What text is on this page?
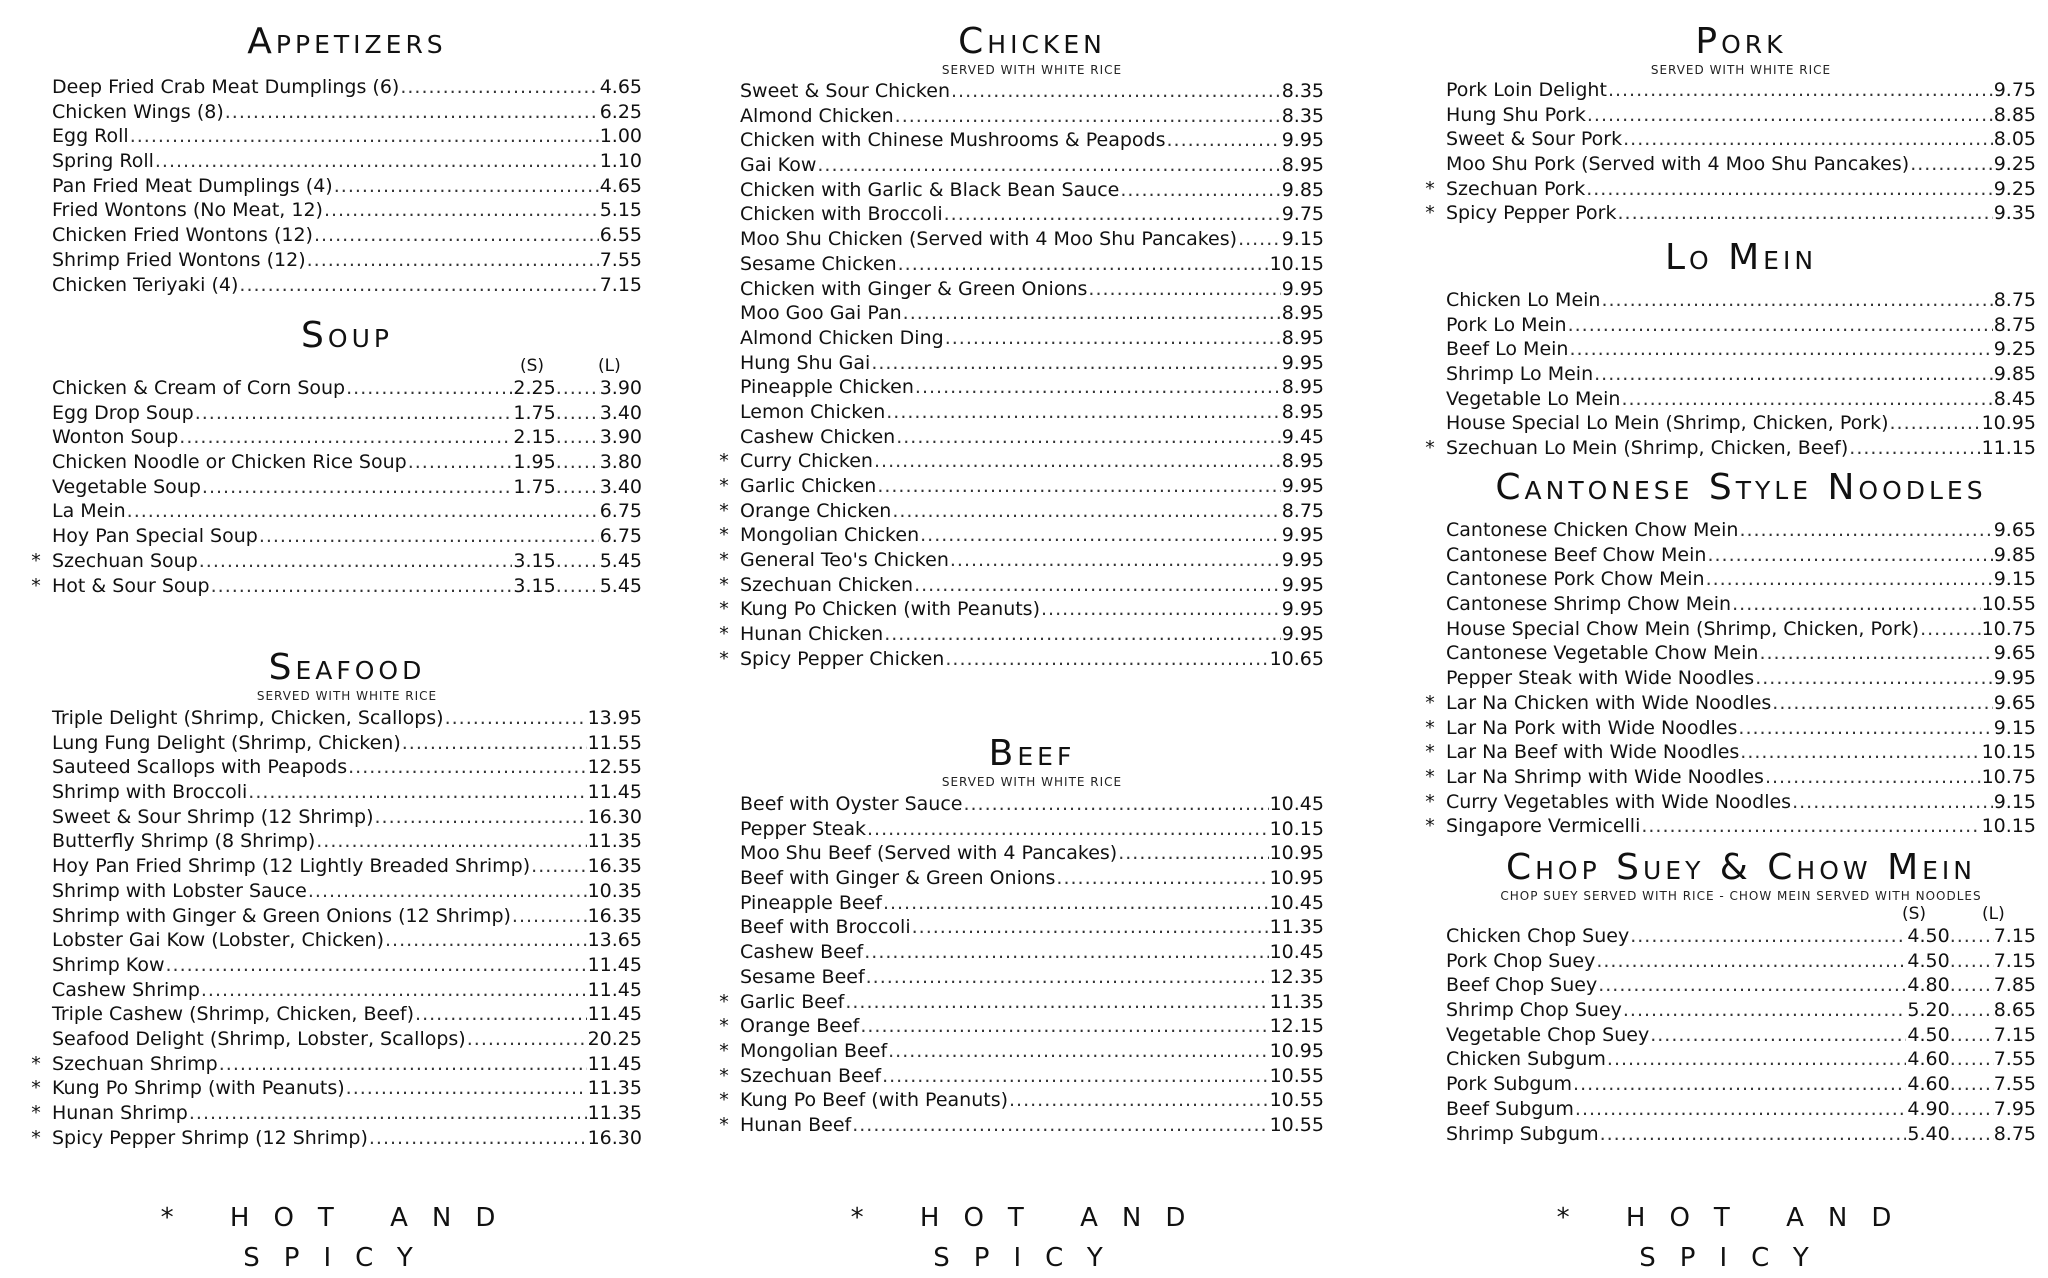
Appetizers
Deep Fried Crab Meat Dumplings (6) .....	4.65
Chicken Wings (8) .....	6.25
Egg Roll .....	1.00
Spring Roll .....	1.10
Pan Fried Meat Dumplings (4) .....	4.65
Fried Wontons (No Meat, 12) .....	5.15
Chicken Fried Wontons (12) .....	6.55
Shrimp Fried Wontons (12) .....	7.55
Chicken Teriyaki (4) .....	7.15
Soup
(S)	(L)
Chicken & Cream of Corn Soup .....	2.25 ..... 3.90
Egg Drop Soup .....	1.75 ..... 3.40
Wonton Soup .....	2.15 ..... 3.90
Chicken Noodle or Chicken Rice Soup .....	1.95 ..... 3.80
Vegetable Soup .....	1.75 ..... 3.40
La Mein .....	6.75
Hoy Pan Special Soup .....	6.75
* Szechuan Soup .....	3.15 ..... 5.45
* Hot & Sour Soup .....	3.15 ..... 5.45
Seafood
SERVED WITH WHITE RICE
Triple Delight (Shrimp, Chicken, Scallops) .....	13.95
Lung Fung Delight (Shrimp, Chicken) .....	11.55
Sauteed Scallops with Peapods .....	12.55
Shrimp with Broccoli .....	11.45
Sweet & Sour Shrimp (12 Shrimp) .....	16.30
Butterfly Shrimp (8 Shrimp) .....	11.35
Hoy Pan Fried Shrimp (12 Lightly Breaded Shrimp) .....	16.35
Shrimp with Lobster Sauce .....	10.35
Shrimp with Ginger & Green Onions (12 Shrimp) .....	16.35
Lobster Gai Kow (Lobster, Chicken) .....	13.65
Shrimp Kow .....	11.45
Cashew Shrimp .....	11.45
Triple Cashew (Shrimp, Chicken, Beef) .....	11.45
Seafood Delight (Shrimp, Lobster, Scallops) .....	20.25
* Szechuan Shrimp .....	11.45
* Kung Po Shrimp (with Peanuts) .....	11.35
* Hunan Shrimp .....	11.35
* Spicy Pepper Shrimp (12 Shrimp) .....	16.30
* HOT AND SPICY
Chicken
SERVED WITH WHITE RICE
Sweet & Sour Chicken .....	8.35
Almond Chicken .....	8.35
Chicken with Chinese Mushrooms & Peapods .....	9.95
Gai Kow .....	8.95
Chicken with Garlic & Black Bean Sauce .....	9.85
Chicken with Broccoli .....	9.75
Moo Shu Chicken (Served with 4 Moo Shu Pancakes) ..... 9.15
Sesame Chicken .....	10.15
Chicken with Ginger & Green Onions .....	9.95
Moo Goo Gai Pan .....	8.95
Almond Chicken Ding .....	8.95
Hung Shu Gai .....	9.95
Pineapple Chicken .....	8.95
Lemon Chicken .....	8.95
Cashew Chicken .....	9.45
* Curry Chicken .....	8.95
* Garlic Chicken .....	9.95
* Orange Chicken .....	8.75
* Mongolian Chicken .....	9.95
* General Teo's Chicken .....	9.95
* Szechuan Chicken .....	9.95
* Kung Po Chicken (with Peanuts) .....	9.95
* Hunan Chicken .....	9.95
* Spicy Pepper Chicken .....	10.65
Beef
SERVED WITH WHITE RICE
Beef with Oyster Sauce .....	10.45
Pepper Steak .....	10.15
Moo Shu Beef (Served with 4 Pancakes) .....	10.95
Beef with Ginger & Green Onions .....	10.95
Pineapple Beef .....	10.45
Beef with Broccoli .....	11.35
Cashew Beef .....	10.45
Sesame Beef .....	12.35
* Garlic Beef .....	11.35
* Orange Beef .....	12.15
* Mongolian Beef .....	10.95
* Szechuan Beef .....	10.55
* Kung Po Beef (with Peanuts) .....	10.55
* Hunan Beef .....	10.55
* HOT AND SPICY
Pork
SERVED WITH WHITE RICE
Pork Loin Delight .....	9.75
Hung Shu Pork .....	8.85
Sweet & Sour Pork .....	8.05
Moo Shu Pork (Served with 4 Moo Shu Pancakes) .....	9.25
* Szechuan Pork .....	9.25
* Spicy Pepper Pork .....	9.35
Lo Mein
Chicken Lo Mein .....	8.75
Pork Lo Mein .....	8.75
Beef Lo Mein .....	9.25
Shrimp Lo Mein .....	9.85
Vegetable Lo Mein .....	8.45
House Special Lo Mein (Shrimp, Chicken, Pork) .....	10.95
* Szechuan Lo Mein (Shrimp, Chicken, Beef) .....	11.15
Cantonese Style Noodles
Cantonese Chicken Chow Mein .....	9.65
Cantonese Beef Chow Mein .....	9.85
Cantonese Pork Chow Mein .....	9.15
Cantonese Shrimp Chow Mein .....	10.55
House Special Chow Mein (Shrimp, Chicken, Pork) .....	10.75
Cantonese Vegetable Chow Mein .....	9.65
Pepper Steak with Wide Noodles .....	9.95
* Lar Na Chicken with Wide Noodles .....	9.65
* Lar Na Pork with Wide Noodles .....	9.15
* Lar Na Beef with Wide Noodles .....	10.15
* Lar Na Shrimp with Wide Noodles .....	10.75
* Curry Vegetables with Wide Noodles .....	9.15
* Singapore Vermicelli .....	10.15
Chop Suey & Chow Mein
CHOP SUEY SERVED WITH RICE - CHOW MEIN SERVED WITH NOODLES
(S)	(L)
Chicken Chop Suey .....	4.50 ..... 7.15
Pork Chop Suey .....	4.50 ..... 7.15
Beef Chop Suey .....	4.80 ..... 7.85
Shrimp Chop Suey .....	5.20 ..... 8.65
Vegetable Chop Suey .....	4.50 ..... 7.15
Chicken Subgum .....	4.60 ..... 7.55
Pork Subgum .....	4.60 ..... 7.55
Beef Subgum .....	4.90 ..... 7.95
Shrimp Subgum .....	5.40 ..... 8.75
* HOT AND SPICY
